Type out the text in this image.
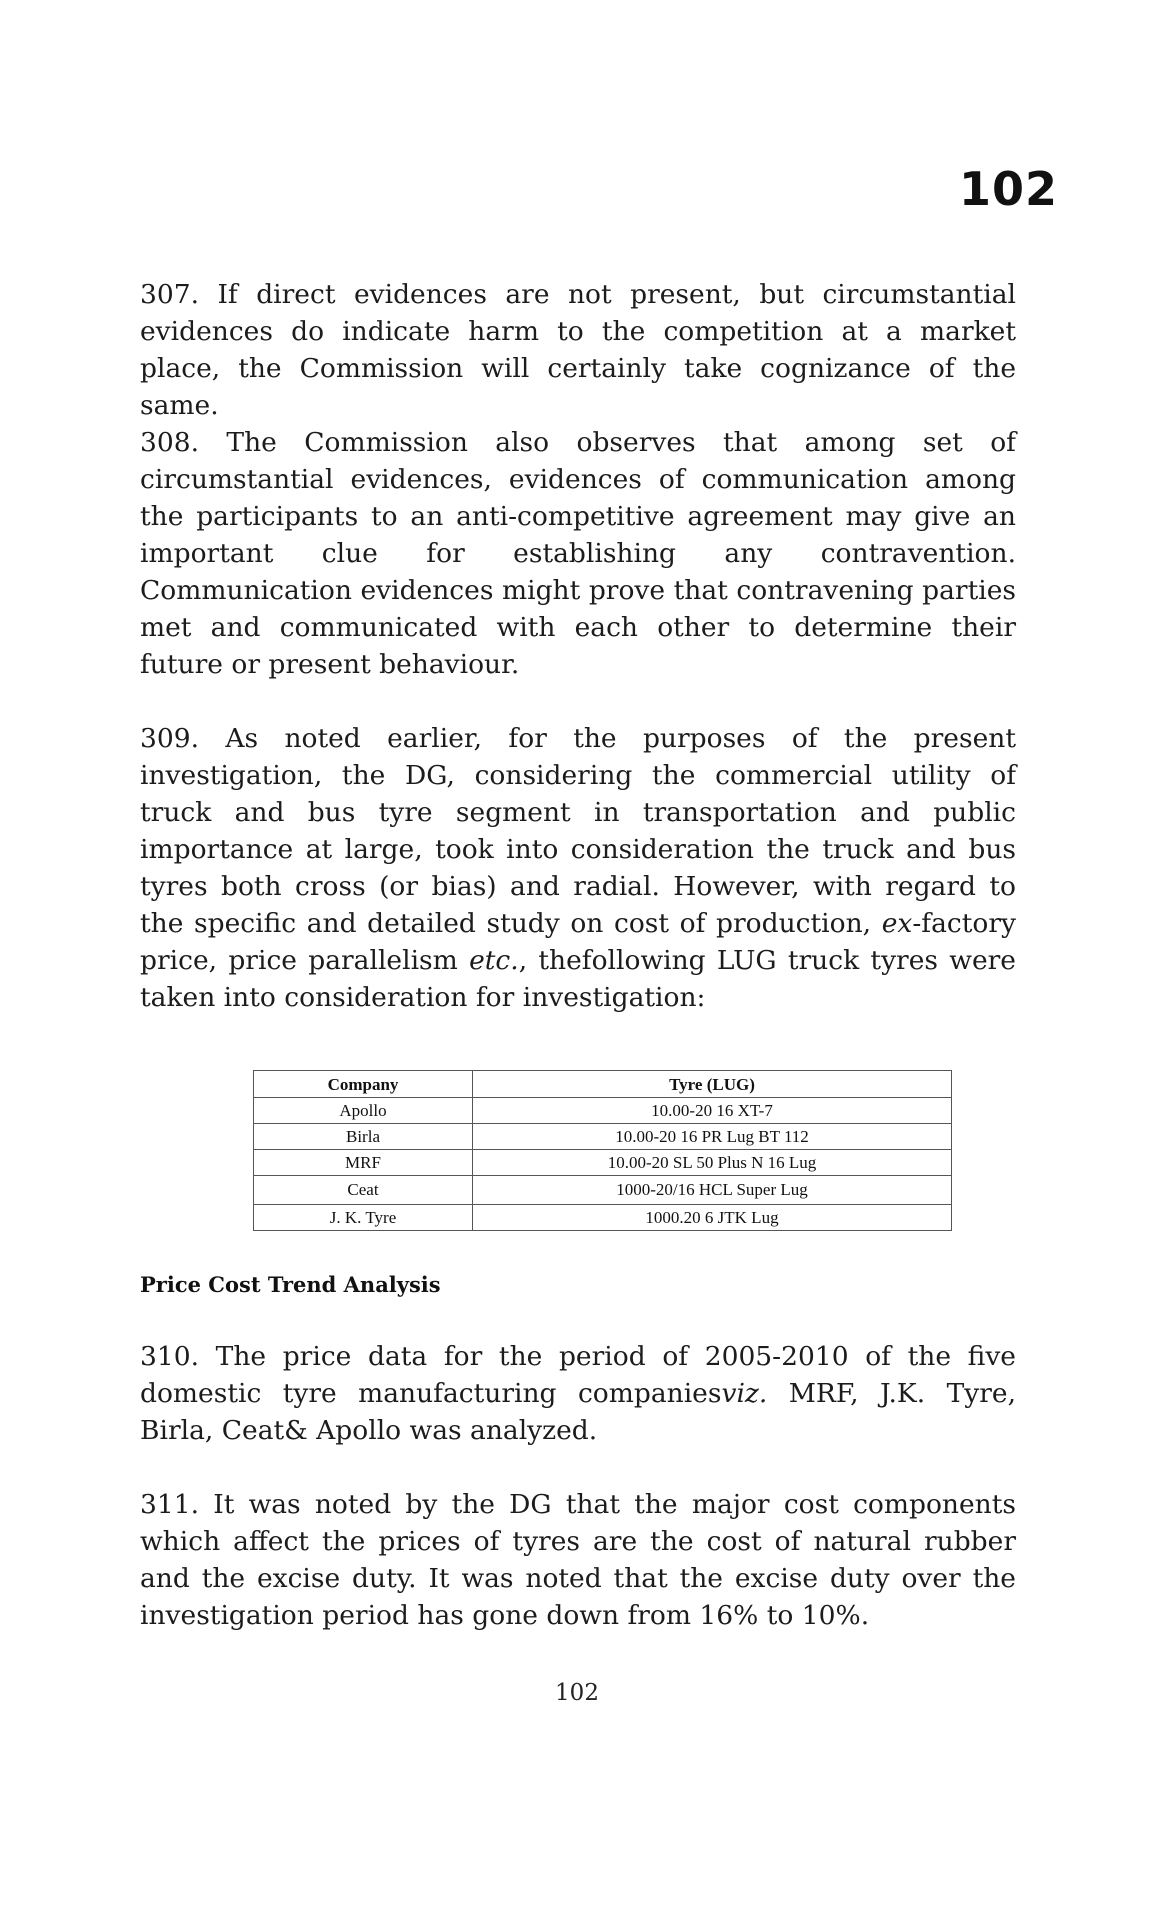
102

307. If direct evidences are not present, but circumstantial evidences do indicate harm to the competition at a market place, the Commission will certainly take cognizance of the same.

308. The Commission also observes that among set of circumstantial evidences, evidences of communication among the participants to an anti-competitive agreement may give an important clue for establishing any contravention. Communication evidences might prove that contravening parties met and communicated with each other to determine their future or present behaviour.

309. As noted earlier, for the purposes of the present investigation, the DG, considering the commercial utility of truck and bus tyre segment in transportation and public importance at large, took into consideration the truck and bus tyres both cross (or bias) and radial. However, with regard to the specific and detailed study on cost of production, ex-factory price, price parallelism etc., thefollowing LUG truck tyres were taken into consideration for investigation:

Company	Tyre (LUG)
Apollo	10.00-20 16 XT-7
Birla	10.00-20 16 PR Lug BT 112
MRF	10.00-20 SL 50 Plus N 16 Lug
Ceat	1000-20/16 HCL Super Lug
J. K. Tyre	1000.20 6 JTK Lug
Price Cost Trend Analysis

310. The price data for the period of 2005-2010 of the five domestic tyre manufacturing companiesviz. MRF, J.K. Tyre, Birla, Ceat& Apollo was analyzed.

311. It was noted by the DG that the major cost components which affect the prices of tyres are the cost of natural rubber and the excise duty. It was noted that the excise duty over the investigation period has gone down from 16% to 10%.

102
